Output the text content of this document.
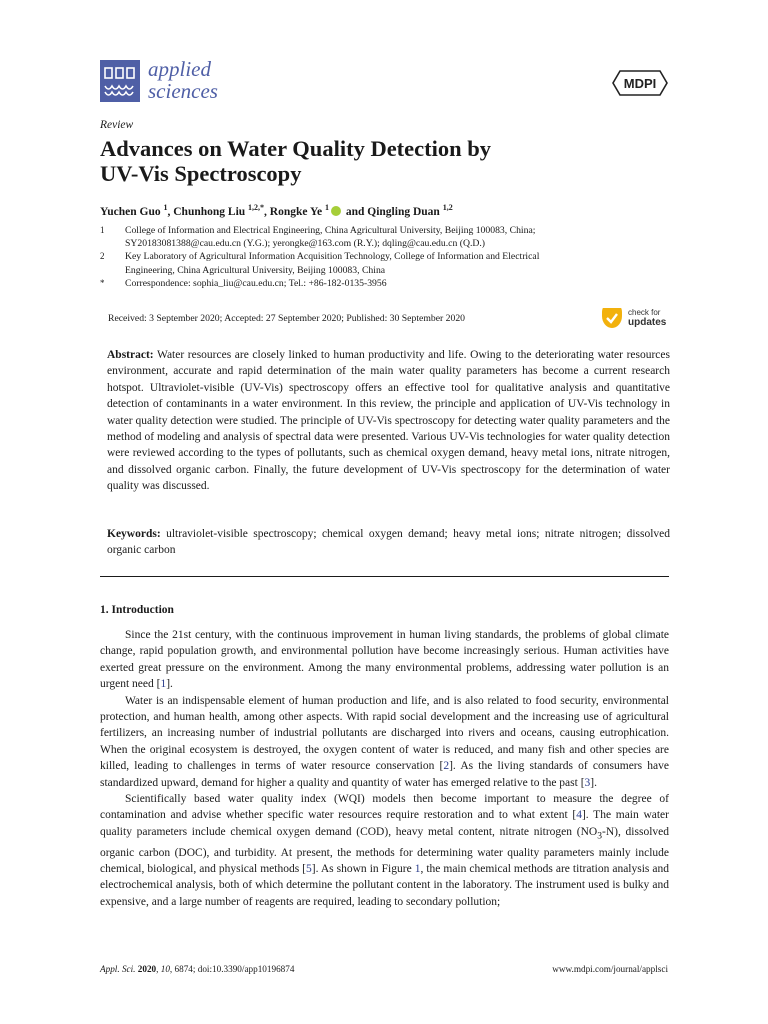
applied
sciences	MDPI
Review
Advances on Water Quality Detection by
UV-Vis Spectroscopy
Yuchen Guo $^1$, Chunhong Liu $^{1,2,*}$, Rongke Ye $^1$ and Qingling Duan $^{1,2}$
1	College of Information and Electrical Engineering, China Agricultural University, Beijing 100083, China;
SY20183081388@cau.edu.cn (Y.G.); yerongke@163.com (R.Y.); dqling@cau.edu.cn (Q.D.)
2	Key Laboratory of Agricultural Information Acquisition Technology, College of Information and Electrical
Engineering, China Agricultural University, Beijing 100083, China
*	Correspondence: sophia_liu@cau.edu.cn; Tel.: +86-182-0135-3956
Received: 3 September 2020; Accepted: 27 September 2020; Published: 30 September 2020
check for
updates

Abstract: Water resources are closely linked to human productivity and life. Owing to the deteriorating water resources environment, accurate and rapid determination of the main water quality parameters has become a current research hotspot. Ultraviolet-visible (UV-Vis) spectroscopy offers an effective tool for qualitative analysis and quantitative detection of contaminants in a water environment. In this review, the principle and application of UV-Vis technology in water quality detection were studied. The principle of UV-Vis spectroscopy for detecting water quality parameters and the method of modeling and analysis of spectral data were presented. Various UV-Vis technologies for water quality detection were reviewed according to the types of pollutants, such as chemical oxygen demand, heavy metal ions, nitrate nitrogen, and dissolved organic carbon. Finally, the future development of UV-Vis spectroscopy for the determination of water quality was discussed.

Keywords: ultraviolet-visible spectroscopy; chemical oxygen demand; heavy metal ions; nitrate nitrogen; dissolved organic carbon

1. Introduction

Since the 21st century, with the continuous improvement in human living standards, the problems of global climate change, rapid population growth, and environmental pollution have become increasingly serious. Human activities have exerted great pressure on the environment. Among the many environmental problems, addressing water pollution is an urgent need [1].

Water is an indispensable element of human production and life, and is also related to food security, environmental protection, and human health, among other aspects. With rapid social development and the increasing use of agricultural fertilizers, an increasing number of industrial pollutants are discharged into rivers and oceans, causing eutrophication. When the original ecosystem is destroyed, the oxygen content of water is reduced, and many fish and other species are killed, leading to challenges in terms of water resource conservation [2]. As the living standards of consumers have standardized upward, demand for higher a quality and quantity of water has emerged relative to the past [3].

Scientifically based water quality index (WQI) models then become important to measure the degree of contamination and advise whether specific water resources require restoration and to what extent [4]. The main water quality parameters include chemical oxygen demand (COD), heavy metal content, nitrate nitrogen $(NO_3-N)$, dissolved organic carbon (DOC), and turbidity. At present, the methods for determining water quality parameters mainly include chemical, biological, and physical methods [5]. As shown in Figure 1, the main chemical methods are titration analysis and electrochemical analysis, both of which determine the pollutant content in the laboratory. The instrument used is bulky and expensive, and a large number of reagents are required, leading to secondary pollution;

Appl. Sci. 2020, 10, 6874; doi:10.3390/app10196874	www.mdpi.com/journal/applsci
